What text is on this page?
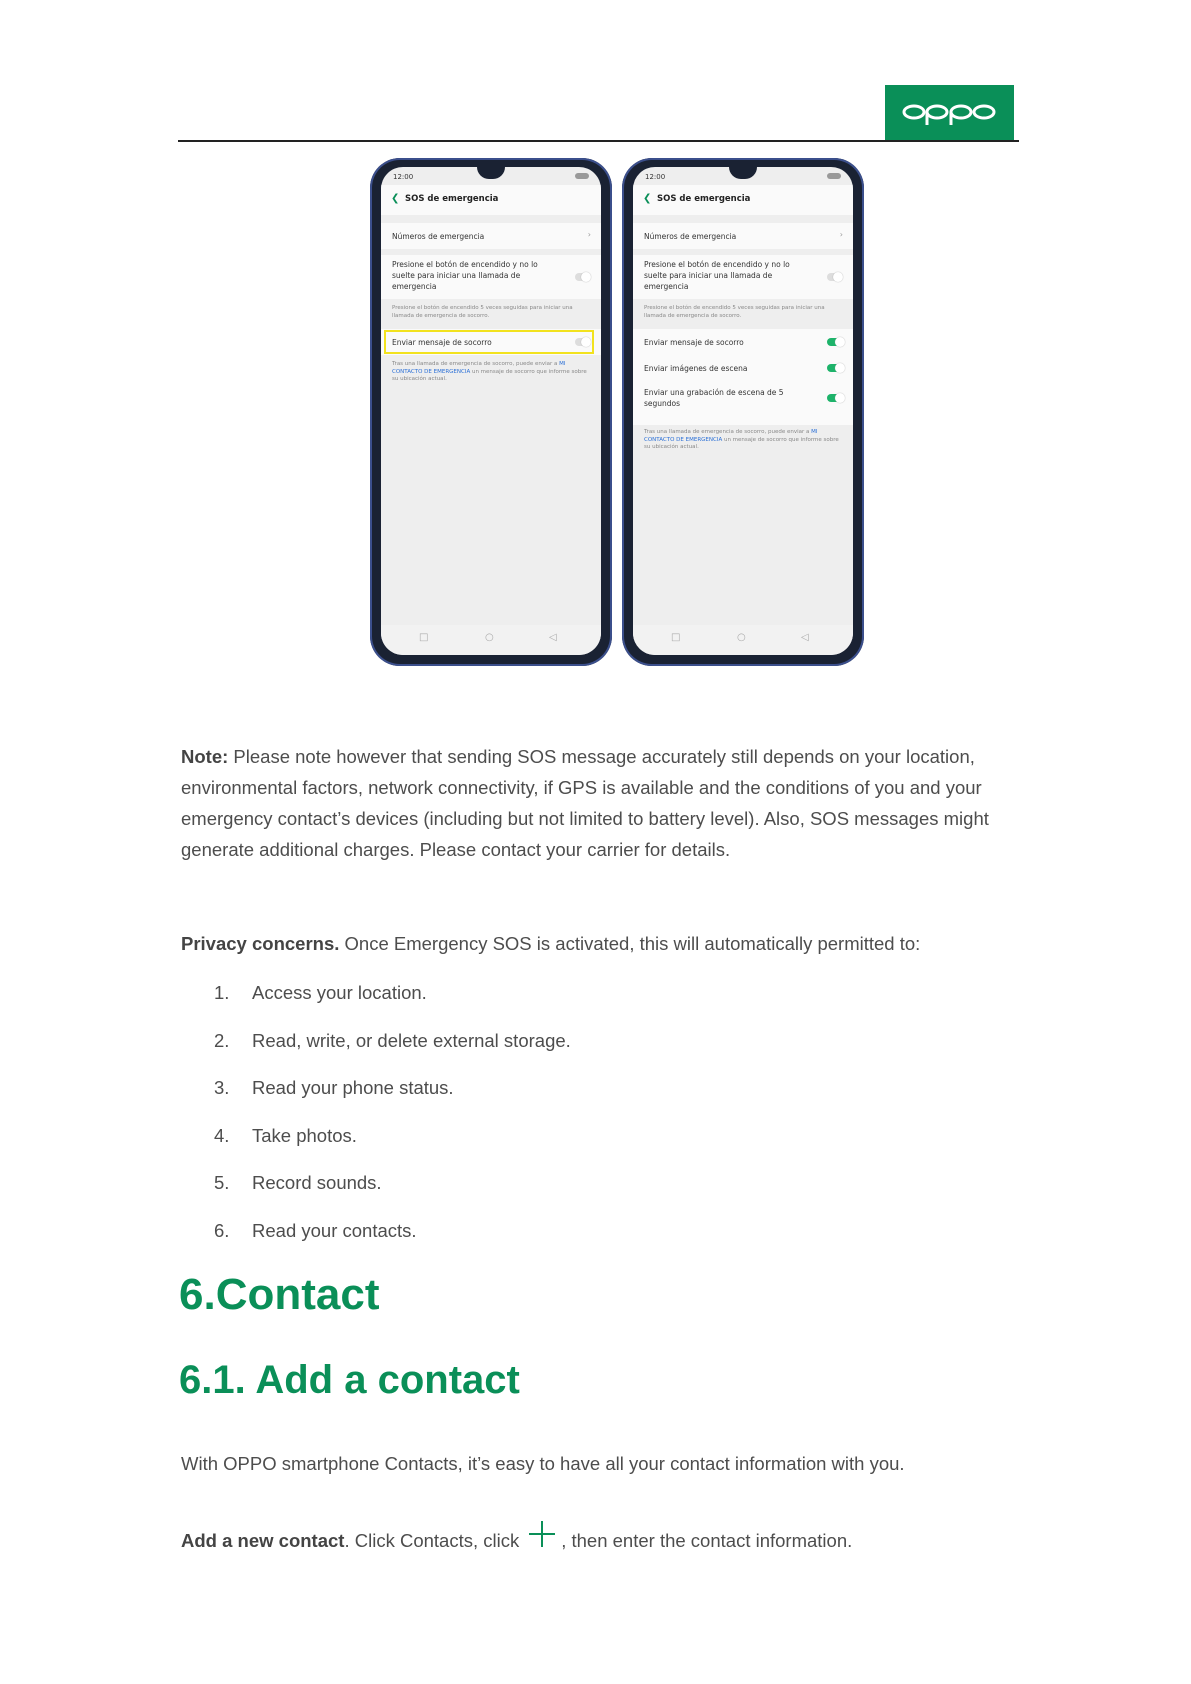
12:00
❮ SOS de emergencia
Números de emergencia	›
Presione el botón de encendido y no lo suelte para iniciar una llamada de emergencia
Presione el botón de encendido 5 veces seguidas para iniciar una llamada de emergencia de socorro.
Enviar mensaje de socorro
Tras una llamada de emergencia de socorro, puede enviar a MI CONTACTO DE EMERGENCIA un mensaje de socorro que informe sobre su ubicación actual.
□	○	◁
12:00
❮ SOS de emergencia
Números de emergencia	›
Presione el botón de encendido y no lo suelte para iniciar una llamada de emergencia
Presione el botón de encendido 5 veces seguidas para iniciar una llamada de emergencia de socorro.
Enviar mensaje de socorro
Enviar imágenes de escena
Enviar una grabación de escena de 5 segundos
Tras una llamada de emergencia de socorro, puede enviar a MI CONTACTO DE EMERGENCIA un mensaje de socorro que informe sobre su ubicación actual.
□	○	◁
Note: Please note however that sending SOS message accurately still depends on your location, environmental factors, network connectivity, if GPS is available and the conditions of you and your emergency contact’s devices (including but not limited to battery level). Also, SOS messages might generate additional charges. Please contact your carrier for details.
Privacy concerns. Once Emergency SOS is activated, this will automatically permitted to:
1.	Access your location.
2.	Read, write, or delete external storage.
3.	Read your phone status.
4.	Take photos.
5.	Record sounds.
6.	Read your contacts.
6.Contact
6.1. Add a contact
With OPPO smartphone Contacts, it’s easy to have all your contact information with you.
Add a new contact. Click Contacts, click , then enter the contact information.
